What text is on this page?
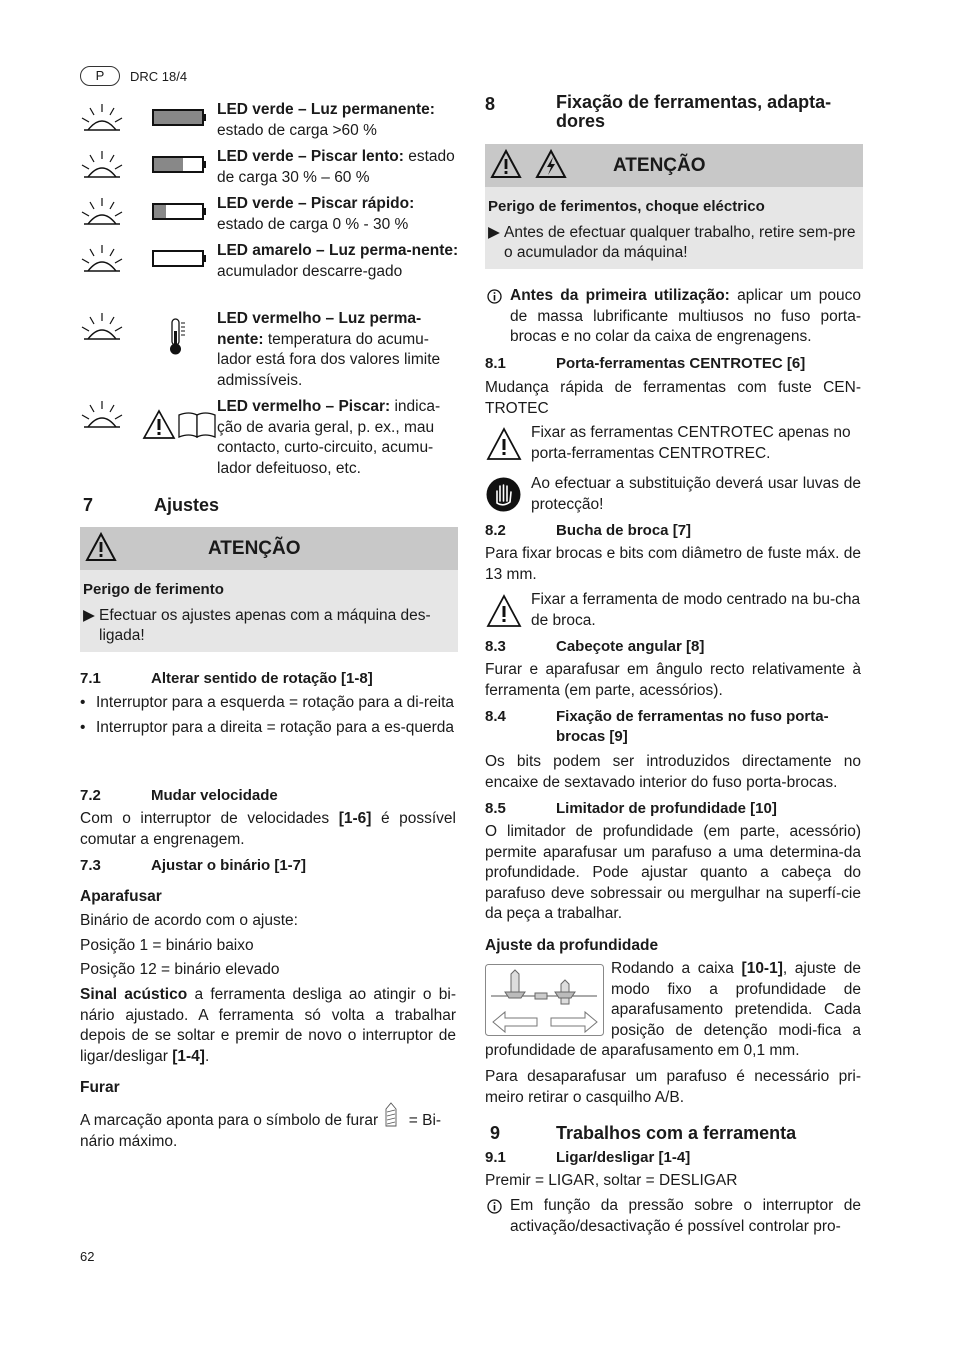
P	DRC 18/4
LED verde – Luz permanente: estado de carga >60 %
LED verde – Piscar lento: estado de carga 30 % – 60 %
LED verde – Piscar rápido: estado de carga 0 % - 30 %
LED amarelo – Luz perma-nente: acumulador descarre-gado
LED vermelho – Luz perma-nente: temperatura do acumu-lador está fora dos valores limite admissíveis.
LED vermelho – Piscar: indica-ção de avaria geral, p. ex., mau contacto, curto-circuito, acumu-lador defeituoso, etc.
7	Ajustes
ATENÇÃO

Perigo de ferimento

▶ Efectuar os ajustes apenas com a máquina des-ligada!
7.1	Alterar sentido de rotação [1-8]
• Interruptor para a esquerda = rotação para a di-reita
• Interruptor para a direita = rotação para a es-querda
7.2	Mudar velocidade

Com o interruptor de velocidades [1-6] é possível comutar a engrenagem.

7.3	Ajustar o binário [1-7]

Aparafusar

Binário de acordo com o ajuste:

Posição 1 = binário baixo

Posição 12 = binário elevado

Sinal acústico a ferramenta desliga ao atingir o bi-nário ajustado. A ferramenta só volta a trabalhar depois de se soltar e premir de novo o interruptor de ligar/desligar [1-4].

Furar

A marcação aponta para o símbolo de furar = Bi-nário máximo.

8	Fixação de ferramentas, adapta-dores
ATENÇÃO

Perigo de ferimentos, choque eléctrico

▶ Antes de efectuar qualquer trabalho, retire sem-pre o acumulador da máquina!

Antes da primeira utilização: aplicar um pouco de massa lubrificante multiusos no fuso porta-brocas e no colar da caixa de engrenagens.

8.1	Porta-ferramentas CENTROTEC [6]

Mudança rápida de ferramentas com fuste CEN-TROTEC

Fixar as ferramentas CENTROTEC apenas no porta-ferramentas CENTROTREC.

Ao efectuar a substituição deverá usar luvas de protecção!

8.2	Bucha de broca [7]

Para fixar brocas e bits com diâmetro de fuste máx. de 13 mm.

Fixar a ferramenta de modo centrado na bu-cha de broca.

8.3	Cabeçote angular [8]

Furar e aparafusar em ângulo recto relativamente à ferramenta (em parte, acessórios).

8.4	Fixação de ferramentas no fuso porta-brocas [9]

Os bits podem ser introduzidos directamente no encaixe de sextavado interior do fuso porta-brocas.

8.5	Limitador de profundidade [10]

O limitador de profundidade (em parte, acessório) permite aparafusar um parafuso a uma determina-da profundidade. Pode ajustar quanto a cabeça do parafuso deve sobressair ou mergulhar na superfí-cie da peça a trabalhar.

Ajuste da profundidade

Para desaparafusar um parafuso é necessário pri-meiro retirar o casquilho A/B.

9	Trabalhos com a ferramenta
9.1	Ligar/desligar [1-4]

Premir = LIGAR, soltar = DESLIGAR

Em função da pressão sobre o interruptor de activação/desactivação é possível controlar pro-

62
Rodando a caixa [10-1], ajuste de modo fixo a profundidade de aparafusamento pretendida. Cada posição de detenção modi-fica a profundidade de aparafusamento em 0,1 mm.
